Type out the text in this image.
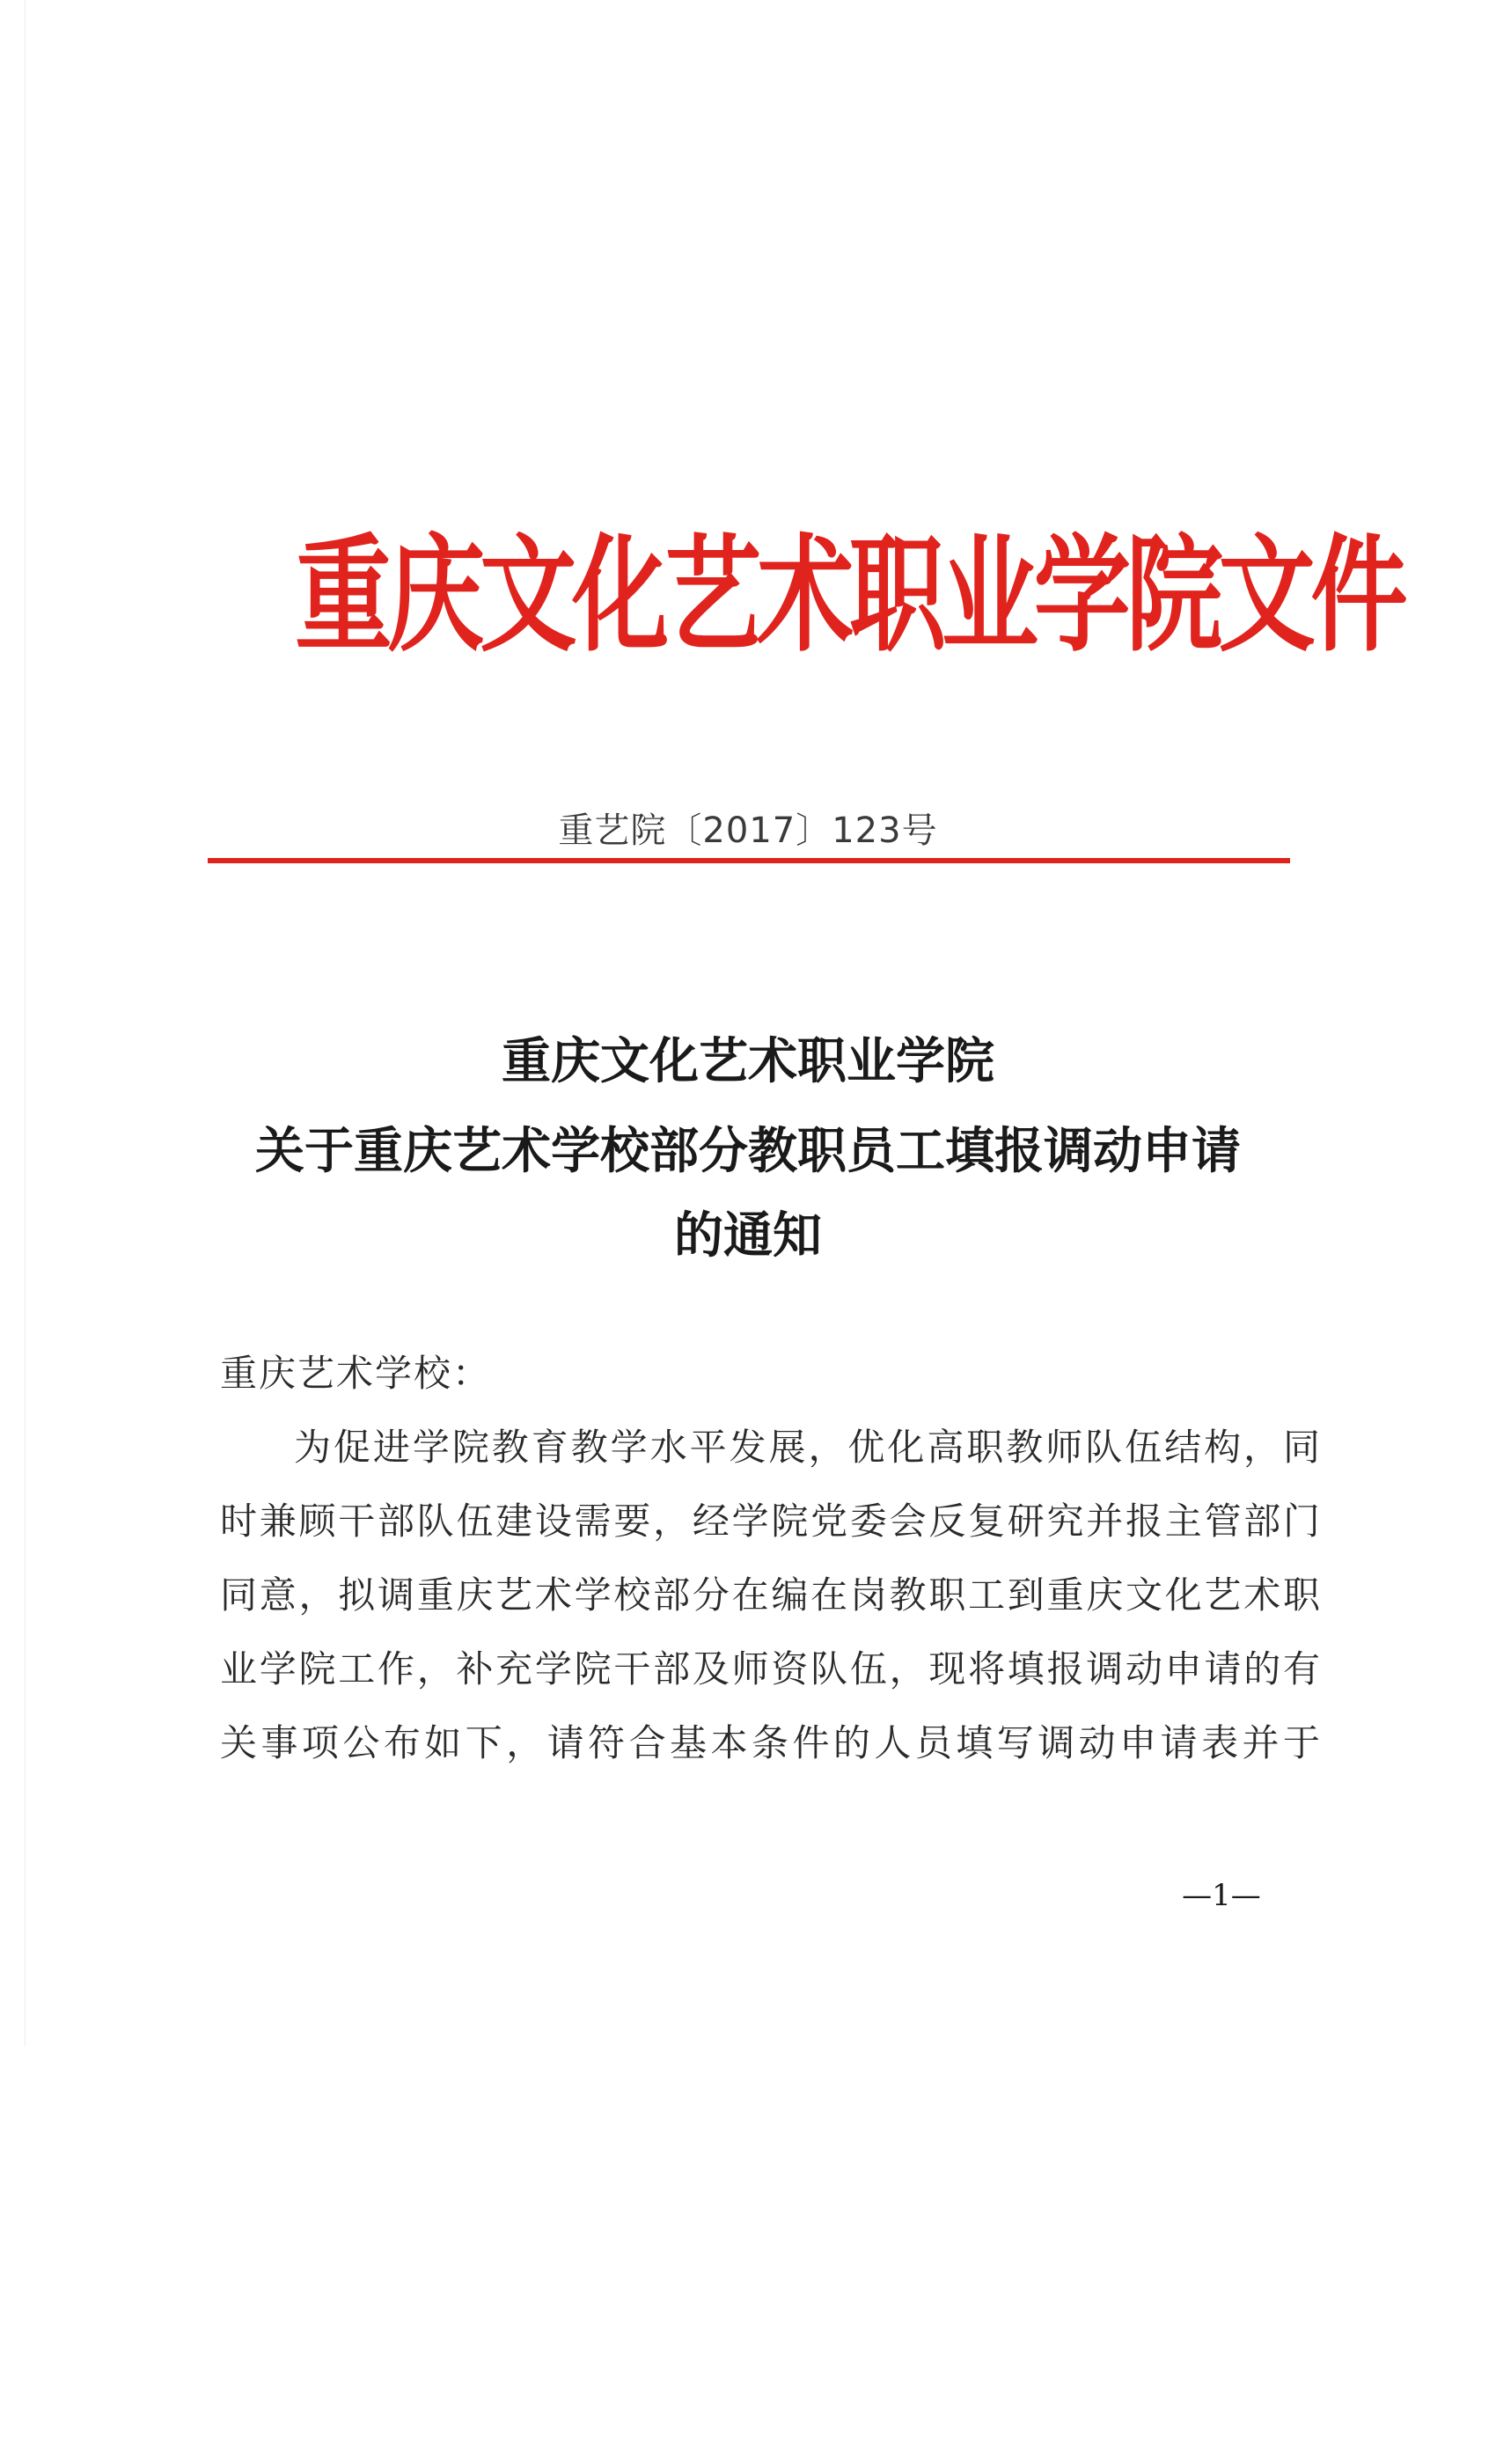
重庆文化艺术职业学院文件
重艺院〔2017〕123号
重庆文化艺术职业学院
关于重庆艺术学校部分教职员工填报调动申请
的通知
重庆艺术学校：
为促进学院教育教学水平发展，优化高职教师队伍结构，同
时兼顾干部队伍建设需要，经学院党委会反复研究并报主管部门
同意，拟调重庆艺术学校部分在编在岗教职工到重庆文化艺术职
业学院工作，补充学院干部及师资队伍，现将填报调动申请的有
关事项公布如下，请符合基本条件的人员填写调动申请表并于
—1—
